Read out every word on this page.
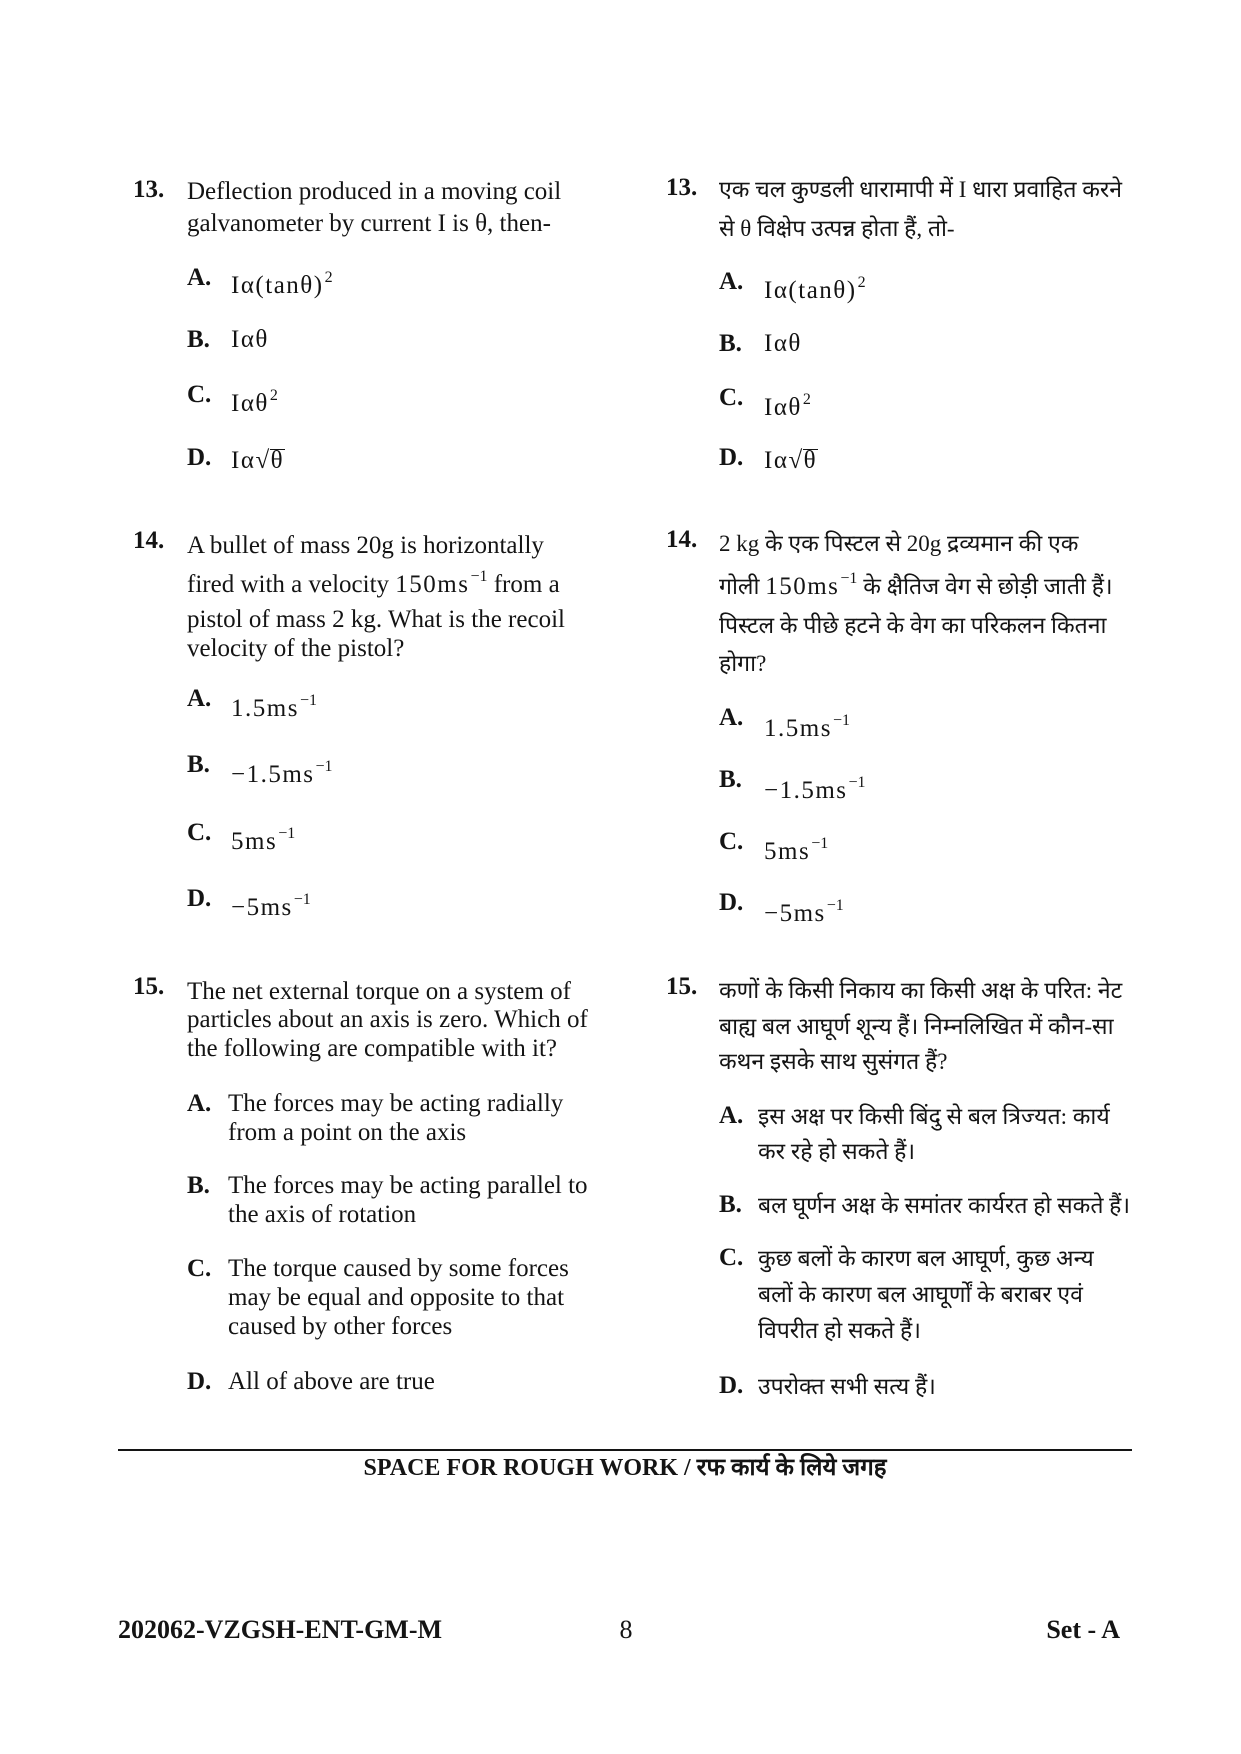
13. Deflection produced in a moving coil
galvanometer by current I is θ, then-
A. $I\alpha(\tan\theta)^2$
B. Iαθ
C. Iαθ$^2$
D. Iα√θ
14. A bullet of mass 20g is horizontally
fired with a velocity $150ms^{-1}$ from a
pistol of mass 2 kg. What is the recoil
velocity of the pistol?
A. $1.5ms^{-1}$
B. $-1.5ms^{-1}$
C. $5ms^{-1}$
D. $-5ms^{-1}$
15. The net external torque on a system of
particles about an axis is zero. Which of
the following are compatible with it?
A. The forces may be acting radially
from a point on the axis
B. The forces may be acting parallel to
the axis of rotation
C. The torque caused by some forces
may be equal and opposite to that
caused by other forces
D. All of above are true
13. एक चल कुण्डली धारामापी में I धारा प्रवाहित करने
से θ विक्षेप उत्पन्न होता हैं, तो-
A. $I\alpha(\tan\theta)^2$
B. Iαθ
C. Iαθ$^2$
D. Iα√θ
14. 2 kg के एक पिस्टल से 20g द्रव्यमान की एक
गोली $150ms^{-1}$ के क्षैतिज वेग से छोड़ी जाती हैं।
पिस्टल के पीछे हटने के वेग का परिकलन कितना
होगा?
A. $1.5ms^{-1}$
B. $-1.5ms^{-1}$
C. $5ms^{-1}$
D. $-5ms^{-1}$
15. कणों के किसी निकाय का किसी अक्ष के परित: नेट
बाह्य बल आघूर्ण शून्य हैं। निम्नलिखित में कौन-सा
कथन इसके साथ सुसंगत हैं?
A. इस अक्ष पर किसी बिंदु से बल त्रिज्यत: कार्य
कर रहे हो सकते हैं।
B. बल घूर्णन अक्ष के समांतर कार्यरत हो सकते हैं।
C. कुछ बलों के कारण बल आघूर्ण, कुछ अन्य
बलों के कारण बल आघूर्णों के बराबर एवं
विपरीत हो सकते हैं।
D. उपरोक्त सभी सत्य हैं।
SPACE FOR ROUGH WORK / रफ कार्य के लिये जगह
202062-VZGSH-ENT-GM-M	8	Set - A
